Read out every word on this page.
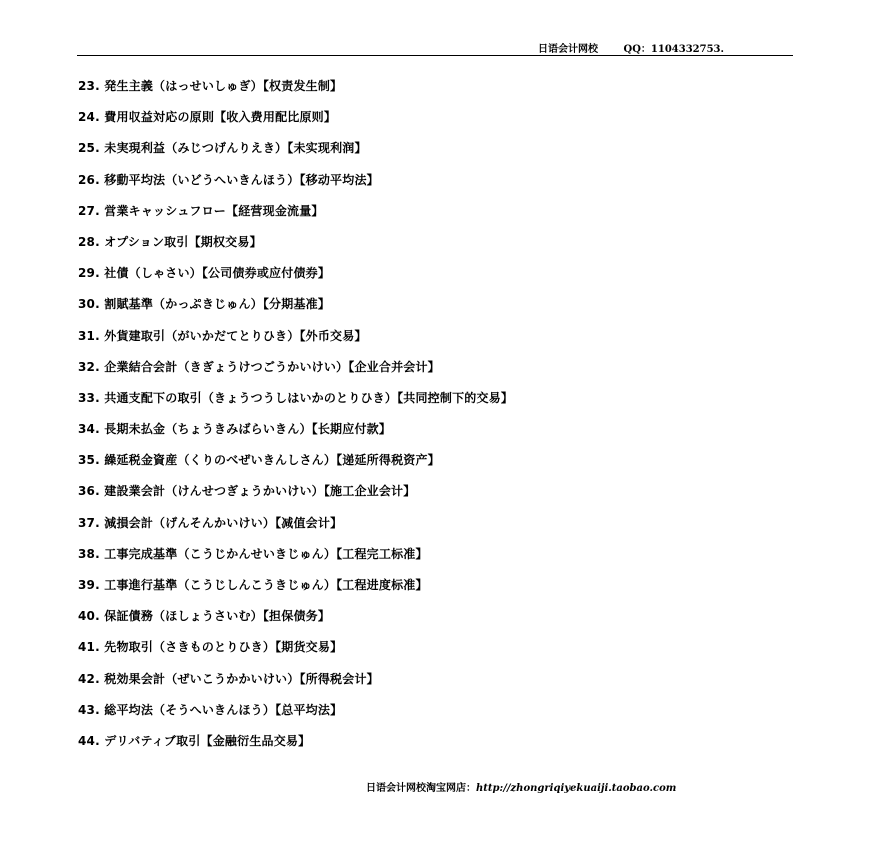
日语会计网校	QQ：1104332753.
23. 発生主義（はっせいしゅぎ）【权责发生制】
24. 費用収益対応の原則【收入费用配比原则】
25. 未実現利益（みじつげんりえき）【未实现利润】
26. 移動平均法（いどうへいきんほう）【移动平均法】
27. 営業キャッシュフロー【経营现金流量】
28. オプション取引【期权交易】
29. 社債（しゃさい）【公司债券或应付债券】
30. 割賦基準（かっぷきじゅん）【分期基准】
31. 外貨建取引（がいかだてとりひき）【外币交易】
32. 企業結合会計（きぎょうけつごうかいけい）【企业合并会计】
33. 共通支配下の取引（きょうつうしはいかのとりひき）【共同控制下的交易】
34. 長期未払金（ちょうきみばらいきん）【长期应付款】
35. 繰延税金資産（くりのべぜいきんしさん）【递延所得税资产】
36. 建設業会計（けんせつぎょうかいけい）【施工企业会计】
37. 減損会計（げんそんかいけい）【减值会计】
38. 工事完成基準（こうじかんせいきじゅん）【工程完工标准】
39. 工事進行基準（こうじしんこうきじゅん）【工程进度标准】
40. 保証債務（ほしょうさいむ）【担保债务】
41. 先物取引（さきものとりひき）【期货交易】
42. 税効果会計（ぜいこうかかいけい）【所得税会计】
43. 総平均法（そうへいきんほう）【总平均法】
44. デリバティブ取引【金融衍生品交易】
日语会计网校淘宝网店：http://zhongriqiyekuaiji.taobao.com
